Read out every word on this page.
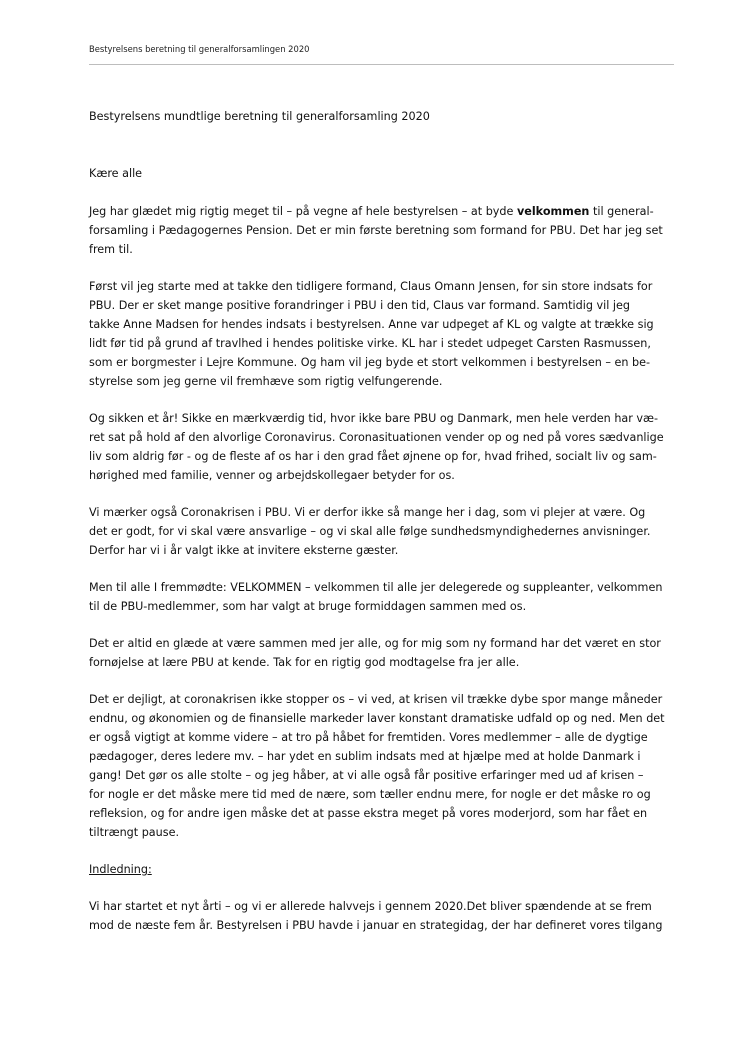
Bestyrelsens beretning til generalforsamlingen 2020
Bestyrelsens mundtlige beretning til generalforsamling 2020
Kære alle
Jeg har glædet mig rigtig meget til – på vegne af hele bestyrelsen – at byde velkommen til general-
forsamling i Pædagogernes Pension. Det er min første beretning som formand for PBU. Det har jeg set
frem til.
Først vil jeg starte med at takke den tidligere formand, Claus Omann Jensen, for sin store indsats for
PBU. Der er sket mange positive forandringer i PBU i den tid, Claus var formand. Samtidig vil jeg
takke Anne Madsen for hendes indsats i bestyrelsen. Anne var udpeget af KL og valgte at trække sig
lidt før tid på grund af travlhed i hendes politiske virke. KL har i stedet udpeget Carsten Rasmussen,
som er borgmester i Lejre Kommune. Og ham vil jeg byde et stort velkommen i bestyrelsen – en be-
styrelse som jeg gerne vil fremhæve som rigtig velfungerende.
Og sikken et år! Sikke en mærkværdig tid, hvor ikke bare PBU og Danmark, men hele verden har væ-
ret sat på hold af den alvorlige Coronavirus. Coronasituationen vender op og ned på vores sædvanlige
liv som aldrig før - og de fleste af os har i den grad fået øjnene op for, hvad frihed, socialt liv og sam-
hørighed med familie, venner og arbejdskollegaer betyder for os.
Vi mærker også Coronakrisen i PBU. Vi er derfor ikke så mange her i dag, som vi plejer at være. Og
det er godt, for vi skal være ansvarlige – og vi skal alle følge sundhedsmyndighedernes anvisninger.
Derfor har vi i år valgt ikke at invitere eksterne gæster.
Men til alle I fremmødte: VELKOMMEN – velkommen til alle jer delegerede og suppleanter, velkommen
til de PBU-medlemmer, som har valgt at bruge formiddagen sammen med os.
Det er altid en glæde at være sammen med jer alle, og for mig som ny formand har det været en stor
fornøjelse at lære PBU at kende. Tak for en rigtig god modtagelse fra jer alle.
Det er dejligt, at coronakrisen ikke stopper os – vi ved, at krisen vil trække dybe spor mange måneder
endnu, og økonomien og de finansielle markeder laver konstant dramatiske udfald op og ned. Men det
er også vigtigt at komme videre – at tro på håbet for fremtiden. Vores medlemmer – alle de dygtige
pædagoger, deres ledere mv. – har ydet en sublim indsats med at hjælpe med at holde Danmark i
gang! Det gør os alle stolte – og jeg håber, at vi alle også får positive erfaringer med ud af krisen –
for nogle er det måske mere tid med de nære, som tæller endnu mere, for nogle er det måske ro og
refleksion, og for andre igen måske det at passe ekstra meget på vores moderjord, som har fået en
tiltrængt pause.
Indledning:
Vi har startet et nyt årti – og vi er allerede halvvejs i gennem 2020.Det bliver spændende at se frem
mod de næste fem år. Bestyrelsen i PBU havde i januar en strategidag, der har defineret vores tilgang
